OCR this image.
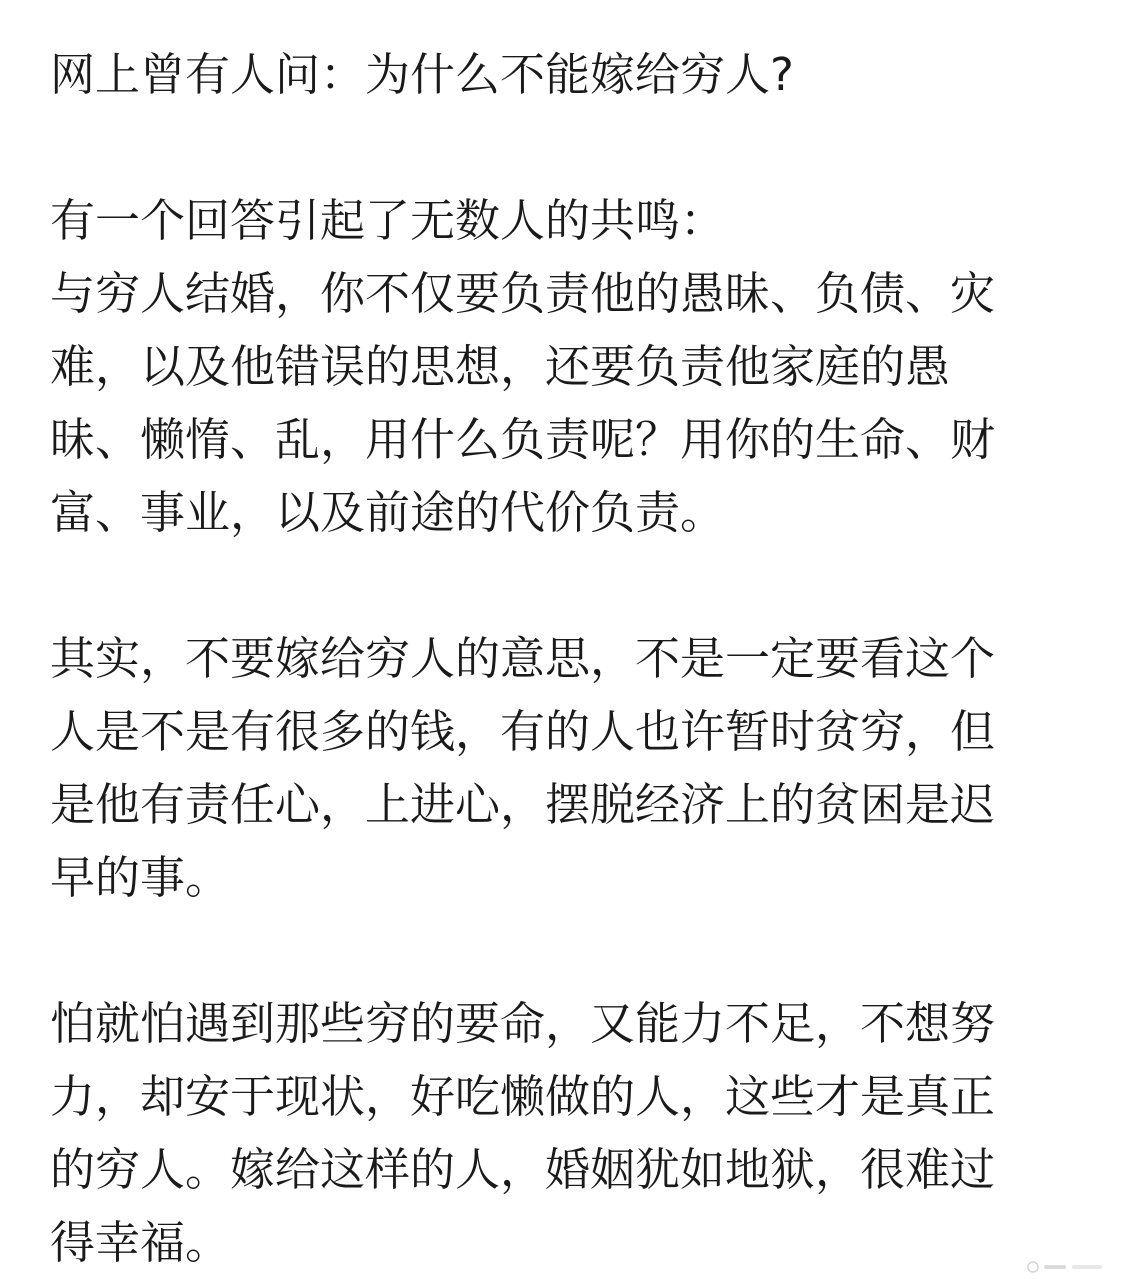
网上曾有人问：为什么不能嫁给穷人?

有一个回答引起了无数人的共鸣：
与穷人结婚，你不仅要负责他的愚昧、负债、灾
难，以及他错误的思想，还要负责他家庭的愚
昧、懒惰、乱，用什么负责呢？用你的生命、财
富、事业，以及前途的代价负责。

其实，不要嫁给穷人的意思，不是一定要看这个
人是不是有很多的钱，有的人也许暂时贫穷，但
是他有责任心，上进心，摆脱经济上的贫困是迟
早的事。

怕就怕遇到那些穷的要命，又能力不足，不想努
力，却安于现状，好吃懒做的人，这些才是真正
的穷人。嫁给这样的人，婚姻犹如地狱，很难过
得幸福。
